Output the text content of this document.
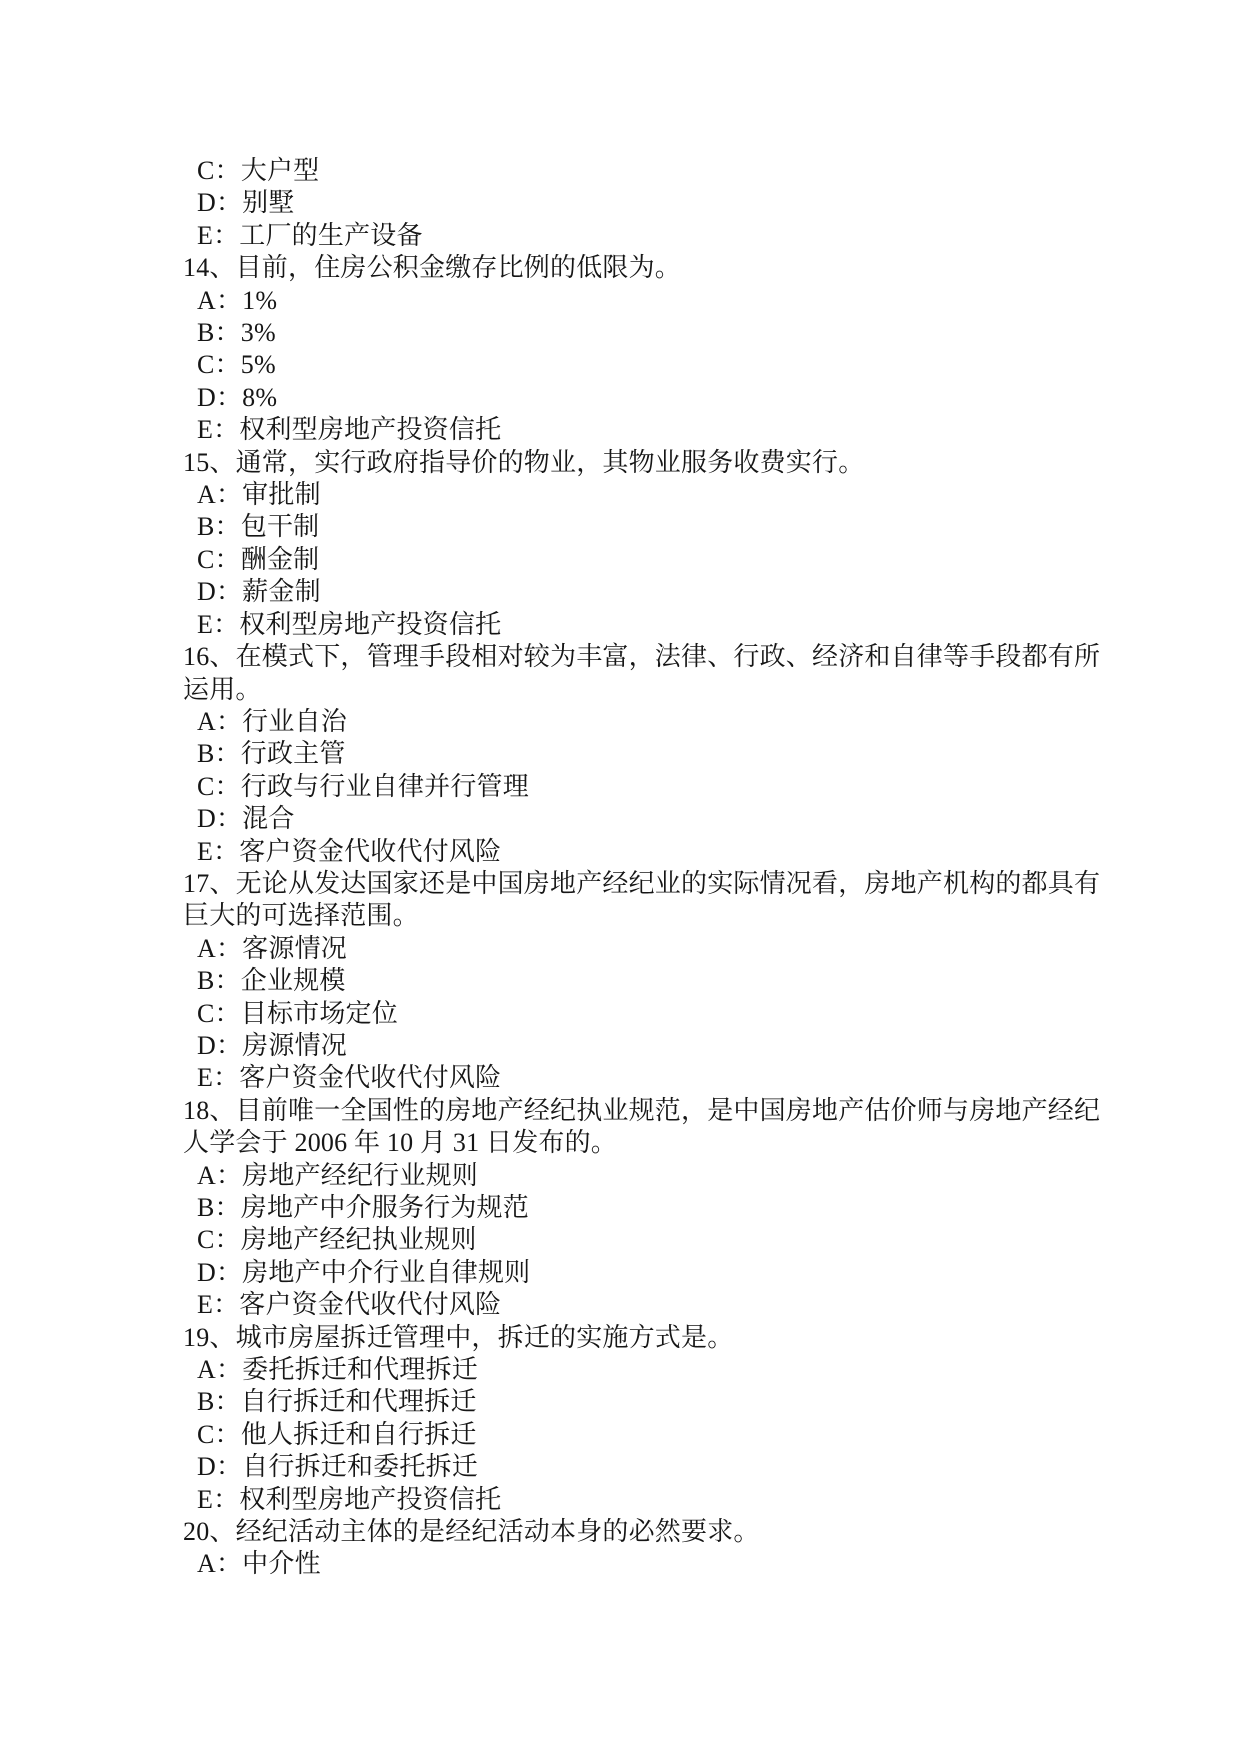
C：大户型
D：别墅
E：工厂的生产设备
14、目前，住房公积金缴存比例的低限为。
A：1%
B：3%
C：5%
D：8%
E：权利型房地产投资信托
15、通常，实行政府指导价的物业，其物业服务收费实行。
A：审批制
B：包干制
C：酬金制
D：薪金制
E：权利型房地产投资信托
16、在模式下，管理手段相对较为丰富，法律、行政、经济和自律等手段都有所
运用。
A：行业自治
B：行政主管
C：行政与行业自律并行管理
D：混合
E：客户资金代收代付风险
17、无论从发达国家还是中国房地产经纪业的实际情况看，房地产机构的都具有
巨大的可选择范围。
A：客源情况
B：企业规模
C：目标市场定位
D：房源情况
E：客户资金代收代付风险
18、目前唯一全国性的房地产经纪执业规范，是中国房地产估价师与房地产经纪
人学会于 2006 年 10 月 31 日发布的。
A：房地产经纪行业规则
B：房地产中介服务行为规范
C：房地产经纪执业规则
D：房地产中介行业自律规则
E：客户资金代收代付风险
19、城市房屋拆迁管理中，拆迁的实施方式是。
A：委托拆迁和代理拆迁
B：自行拆迁和代理拆迁
C：他人拆迁和自行拆迁
D：自行拆迁和委托拆迁
E：权利型房地产投资信托
20、经纪活动主体的是经纪活动本身的必然要求。
A：中介性
